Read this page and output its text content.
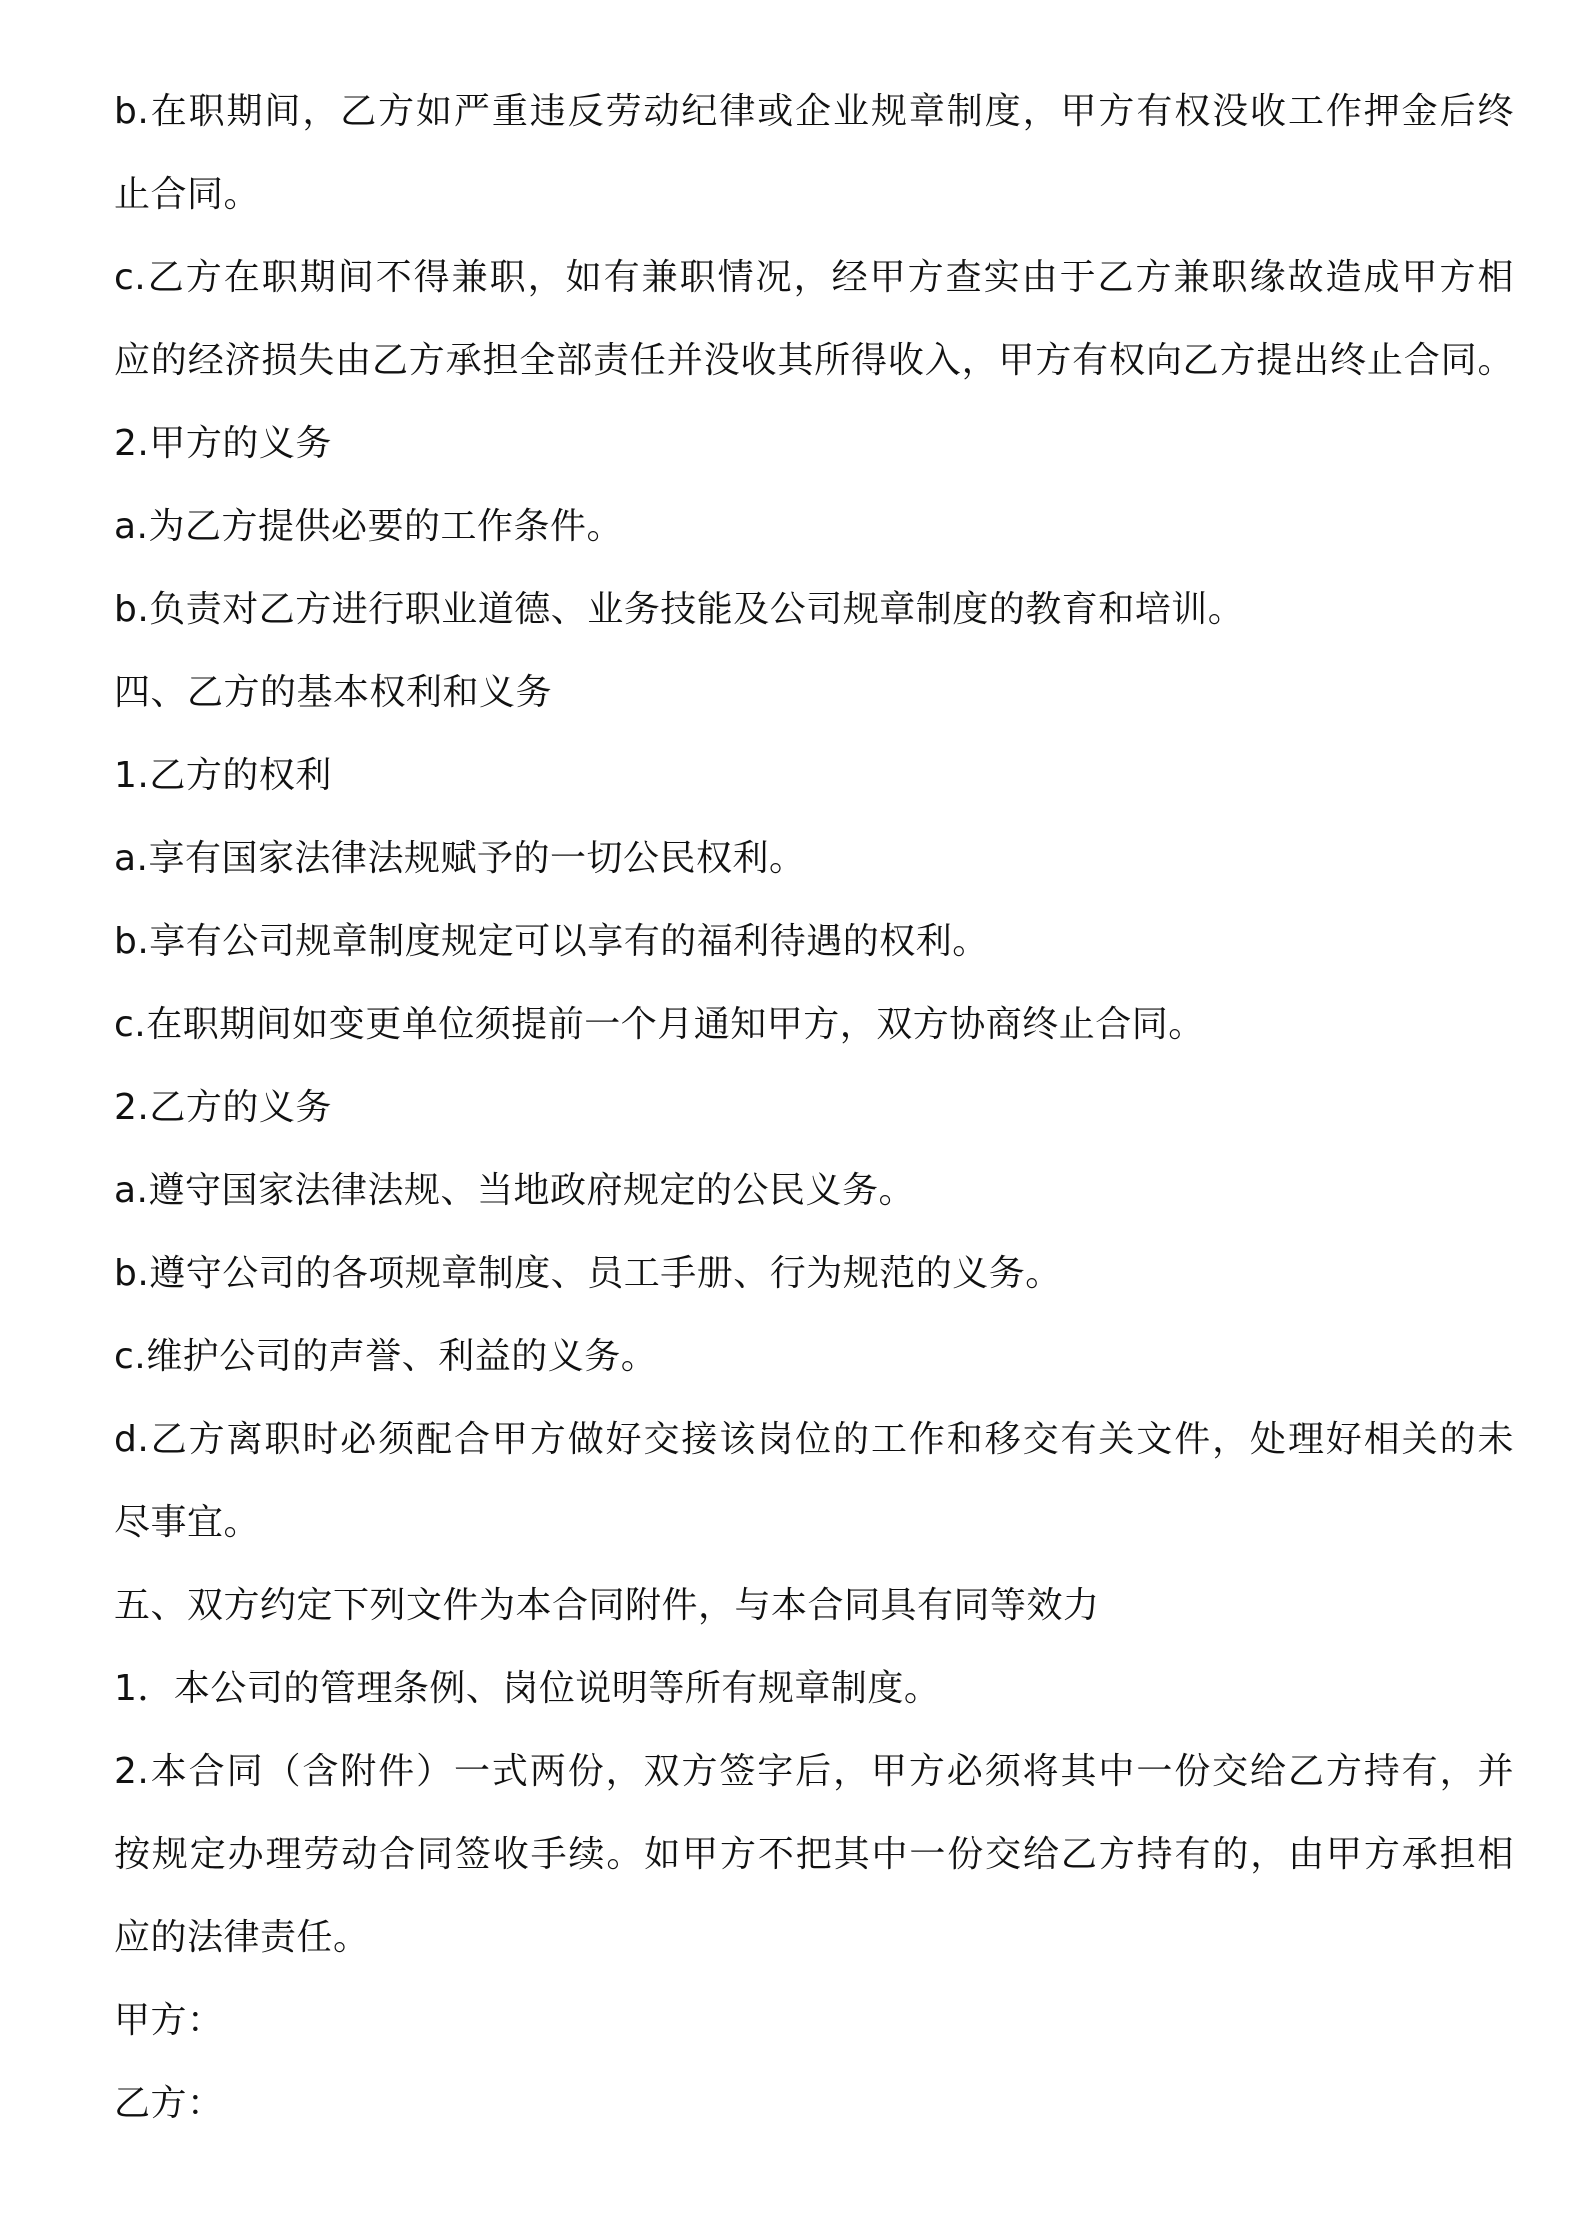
b.在职期间，乙方如严重违反劳动纪律或企业规章制度，甲方有权没收工作押金后终
止合同。
c.乙方在职期间不得兼职，如有兼职情况，经甲方查实由于乙方兼职缘故造成甲方相
应的经济损失由乙方承担全部责任并没收其所得收入，甲方有权向乙方提出终止合同。
2.甲方的义务
a.为乙方提供必要的工作条件。
b.负责对乙方进行职业道德、业务技能及公司规章制度的教育和培训。
四、乙方的基本权利和义务
1.乙方的权利
a.享有国家法律法规赋予的一切公民权利。
b.享有公司规章制度规定可以享有的福利待遇的权利。
c.在职期间如变更单位须提前一个月通知甲方，双方协商终止合同。
2.乙方的义务
a.遵守国家法律法规、当地政府规定的公民义务。
b.遵守公司的各项规章制度、员工手册、行为规范的义务。
c.维护公司的声誉、利益的义务。
d.乙方离职时必须配合甲方做好交接该岗位的工作和移交有关文件，处理好相关的未
尽事宜。
五、双方约定下列文件为本合同附件，与本合同具有同等效力
1．本公司的管理条例、岗位说明等所有规章制度。
2.本合同（含附件）一式两份，双方签字后，甲方必须将其中一份交给乙方持有，并
按规定办理劳动合同签收手续。如甲方不把其中一份交给乙方持有的，由甲方承担相
应的法律责任。
甲方：
乙方：
